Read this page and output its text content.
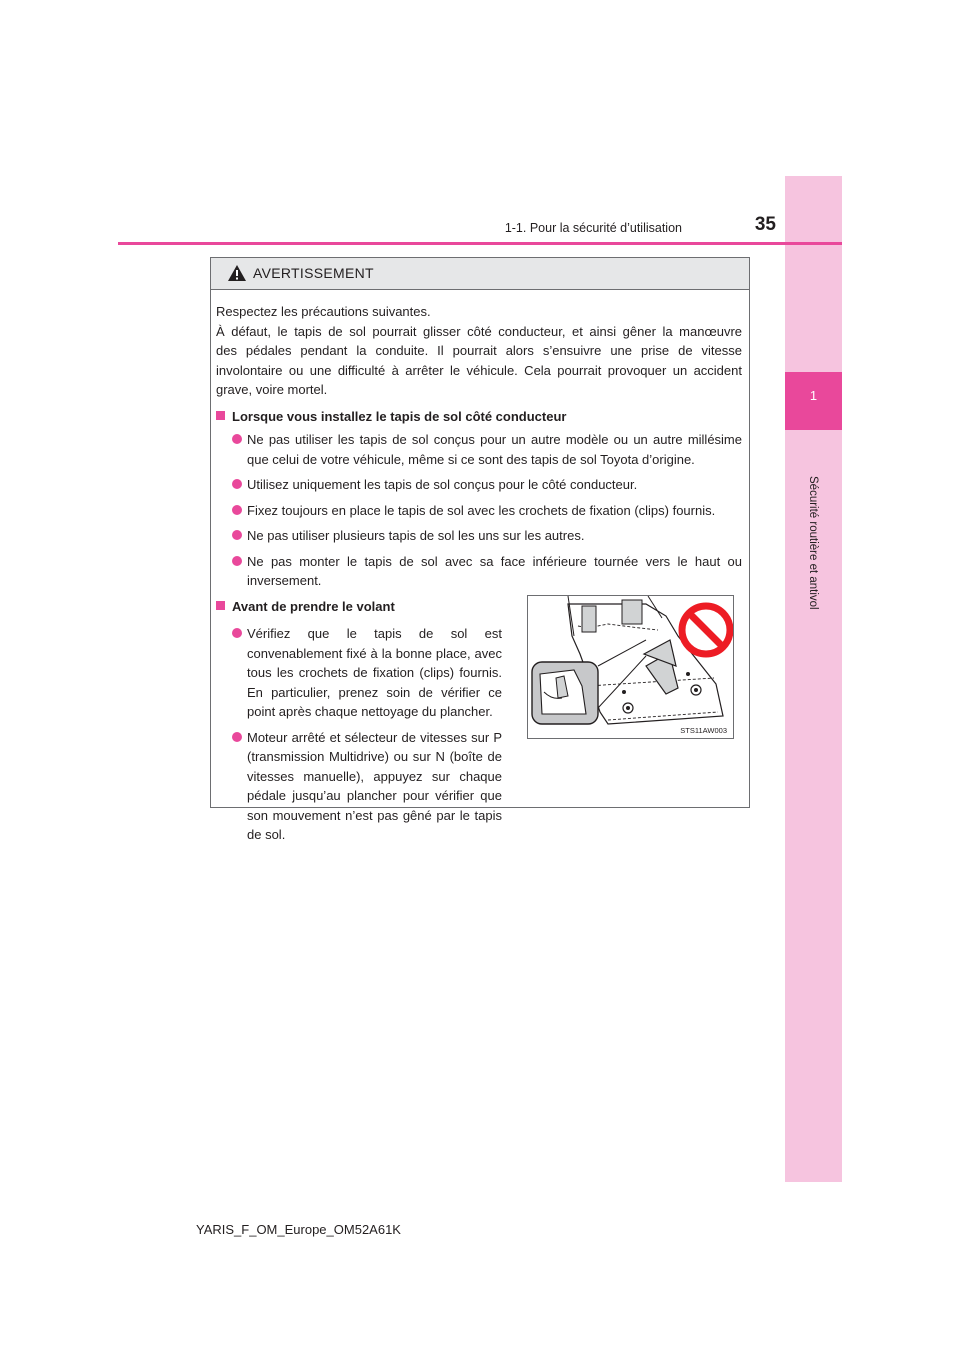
1
Sécurité routière et antivol
1-1. Pour la sécurité d’utilisation	35
AVERTISSEMENT

Respectez les précautions suivantes.

À défaut, le tapis de sol pourrait glisser côté conducteur, et ainsi gêner la manœuvre

des pédales pendant la conduite. Il pourrait alors s’ensuivre une prise de vitesse involontaire ou une difficulté à arrêter le véhicule. Cela pourrait provoquer un accident grave, voire mortel.

Lorsque vous installez le tapis de sol côté conducteur
Ne pas utiliser les tapis de sol conçus pour un autre modèle ou un autre millésime que celui de votre véhicule, même si ce sont des tapis de sol Toyota d’origine.
Utilisez uniquement les tapis de sol conçus pour le côté conducteur.
Fixez toujours en place le tapis de sol avec les crochets de fixation (clips) fournis.
Ne pas utiliser plusieurs tapis de sol les uns sur les autres.
Ne pas monter le tapis de sol avec sa face inférieure tournée vers le haut ou inversement.
Avant de prendre le volant
Vérifiez que le tapis de sol est convenablement fixé à la bonne place, avec tous les crochets de fixation (clips) fournis. En particulier, prenez soin de vérifier ce point après chaque nettoyage du plancher.
Moteur arrêté et sélecteur de vitesses sur P (transmission Multidrive) ou sur N (boîte de vitesses manuelle), appuyez sur chaque pédale jusqu’au plancher pour vérifier que son mouvement n’est pas gêné par le tapis de sol.
STS11AW003
YARIS_F_OM_Europe_OM52A61K
